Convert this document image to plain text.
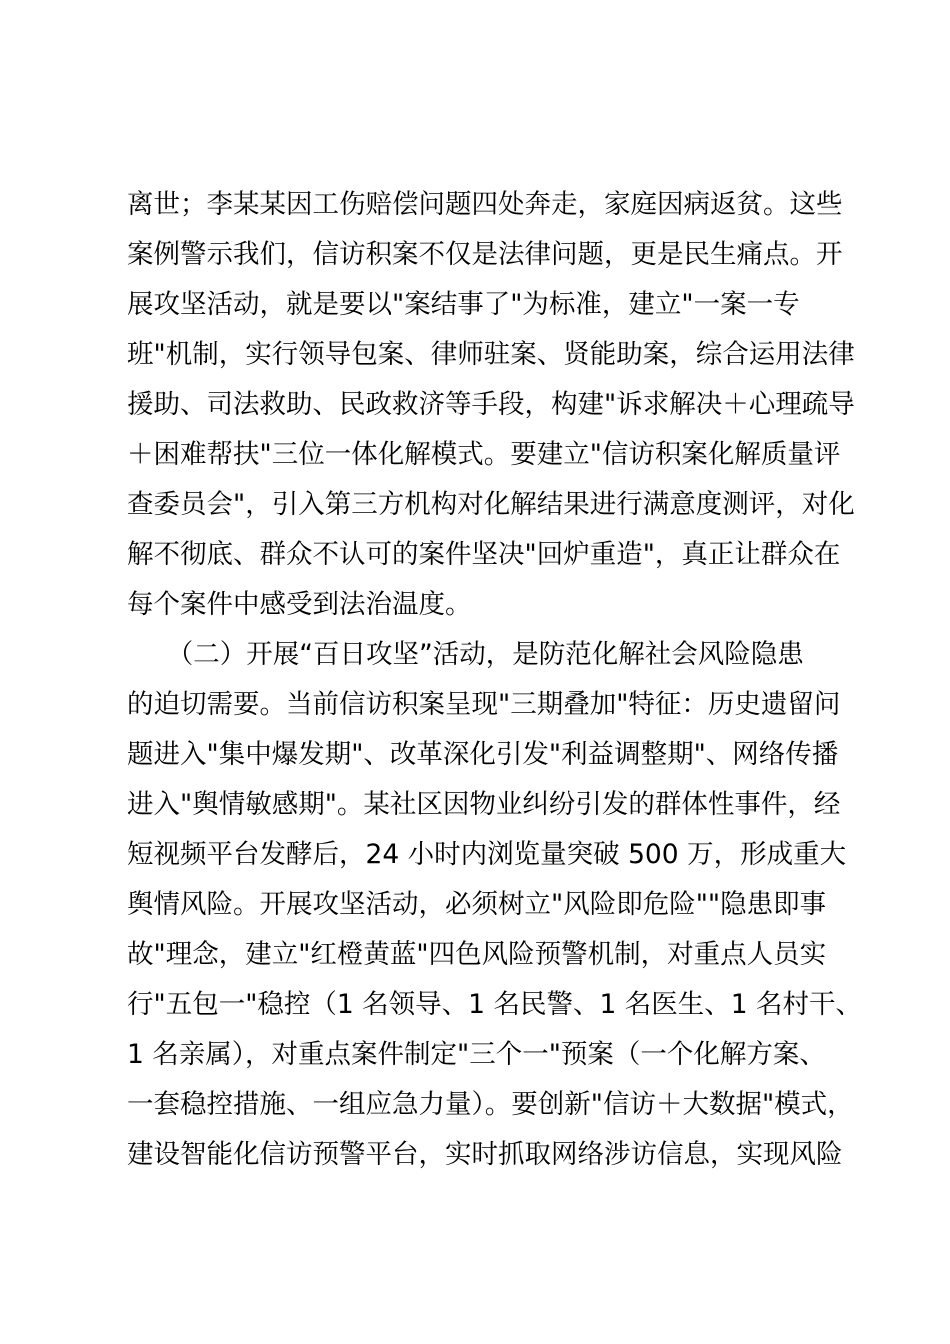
离世；李某某因工伤赔偿问题四处奔走，家庭因病返贫。这些
案例警示我们，信访积案不仅是法律问题，更是民生痛点。开
展攻坚活动，就是要以"案结事了"为标准，建立"一案一专
班"机制，实行领导包案、律师驻案、贤能助案，综合运用法律
援助、司法救助、民政救济等手段，构建"诉求解决＋心理疏导
＋困难帮扶"三位一体化解模式。要建立"信访积案化解质量评
查委员会"，引入第三方机构对化解结果进行满意度测评，对化
解不彻底、群众不认可的案件坚决"回炉重造"，真正让群众在
每个案件中感受到法治温度。
　　（二）开展“百日攻坚”活动，是防范化解社会风险隐患
的迫切需要。当前信访积案呈现"三期叠加"特征：历史遗留问
题进入"集中爆发期"、改革深化引发"利益调整期"、网络传播
进入"舆情敏感期"。某社区因物业纠纷引发的群体性事件，经
短视频平台发酵后，24 小时内浏览量突破 500 万，形成重大
舆情风险。开展攻坚活动，必须树立"风险即危险""隐患即事
故"理念，建立"红橙黄蓝"四色风险预警机制，对重点人员实
行"五包一"稳控（1 名领导、1 名民警、1 名医生、1 名村干、
1 名亲属），对重点案件制定"三个一"预案（一个化解方案、
一套稳控措施、一组应急力量）。要创新"信访＋大数据"模式，
建设智能化信访预警平台，实时抓取网络涉访信息，实现风险
